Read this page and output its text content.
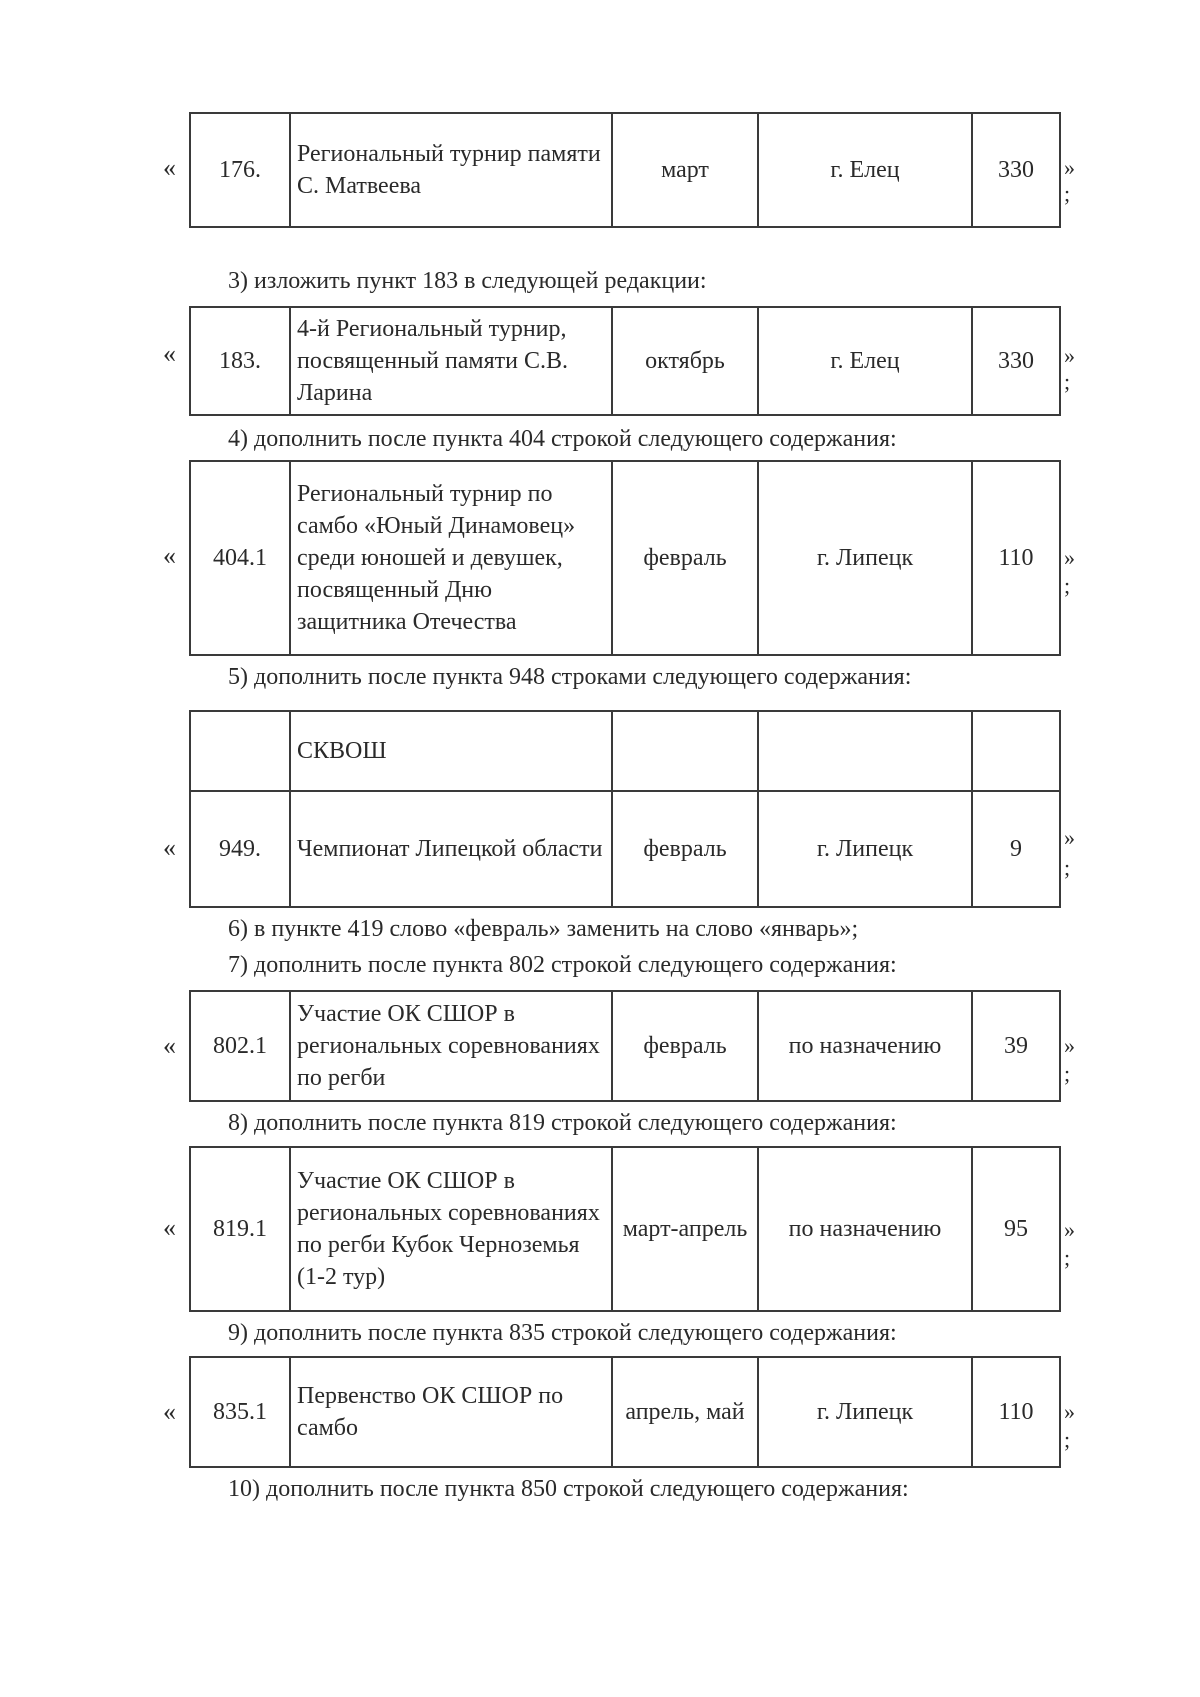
« 176.	Региональный турнир памяти С. Матвеева	март	г. Елец	330 »
;
3) изложить пункт 183 в следующей редакции:
« 183.	4-й Региональный турнир, посвященный памяти С.В. Ларина	октябрь	г. Елец	330 »
;
4) дополнить после пункта 404 строкой следующего содержания:
« 404.1	Региональный турнир по самбо «Юный Динамовец» среди юношей и девушек, посвященный Дню защитника Отечества	февраль	г. Липецк	110 »
;
5) дополнить после пункта 948 строками следующего содержания:
«
	СКВОШ			
949.	Чемпионат Липецкой области	февраль	г. Липецк	9 »
;
6) в пункте 419 слово «февраль» заменить на слово «январь»;
7) дополнить после пункта 802 строкой следующего содержания:
« 802.1	Участие ОК СШОР в региональных соревнованиях по регби	февраль	по назначению	39 »
;
8) дополнить после пункта 819 строкой следующего содержания:
« 819.1	Участие ОК СШОР в региональных соревнованиях по регби Кубок Черноземья (1-2 тур)	март-апрель	по назначению	95 »
;
9) дополнить после пункта 835 строкой следующего содержания:
« 835.1	Первенство ОК СШОР по самбо	апрель, май	г. Липецк	110 »
;
10) дополнить после пункта 850 строкой следующего содержания:
